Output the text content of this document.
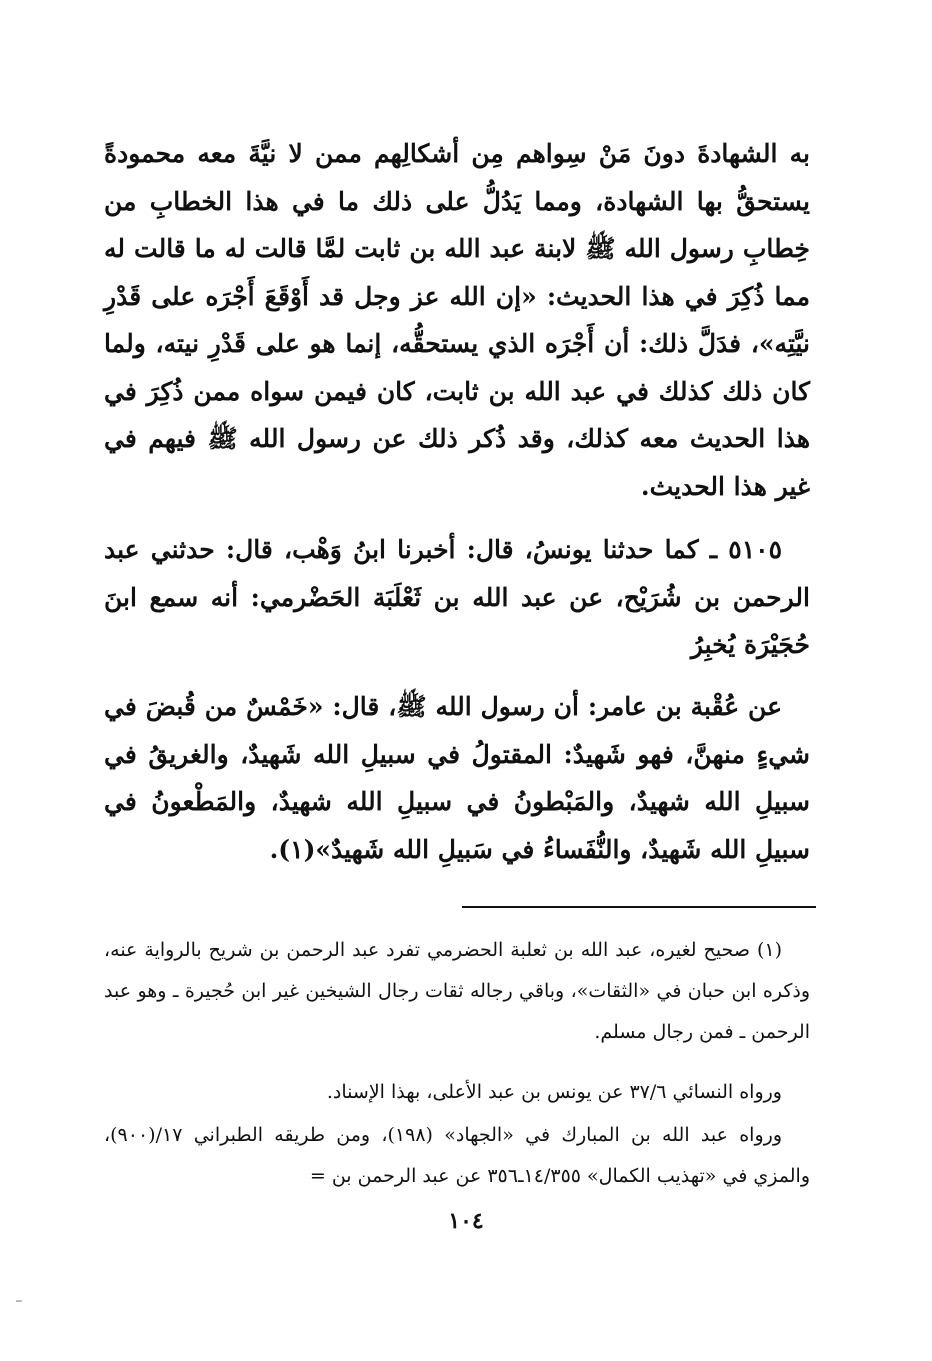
به الشهادةَ دونَ مَنْ سِواهم مِن أشكالِهم ممن لا نيَّةَ معه محمودةً يستحقُّ بها الشهادة، ومما يَدُلُّ على ذلك ما في هذا الخطابِ من خِطابِ رسول الله ﷺ لابنة عبد الله بن ثابت لمَّا قالت له ما قالت له مما ذُكِرَ في هذا الحديث: «إن الله عز وجل قد أَوْقَعَ أَجْرَه على قَدْرِ نيَّتِه»، فدَلَّ ذلك: أن أَجْرَه الذي يستحقُّه، إنما هو على قَدْرِ نيته، ولما كان ذلك كذلك في عبد الله بن ثابت، كان فيمن سواه ممن ذُكِرَ في هذا الحديث معه كذلك، وقد ذُكر ذلك عن رسول الله ﷺ فيهم في غير هذا الحديث.

٥١٠٥ ـ كما حدثنا يونسُ، قال: أخبرنا ابنُ وَهْب، قال: حدثني عبد الرحمن بن شُرَيْح، عن عبد الله بن ثَعْلَبَة الحَضْرمي: أنه سمع ابنَ حُجَيْرَة يُخبِرُ

عن عُقْبة بن عامر: أن رسول الله ﷺ، قال: «خَمْسٌ من قُبضَ في شيءٍ منهنَّ، فهو شَهيدٌ: المقتولُ في سبيلِ الله شَهيدٌ، والغريقُ في سبيلِ الله شهيدٌ، والمَبْطونُ في سبيلِ الله شهيدٌ، والمَطْعونُ في سبيلِ الله شَهيدٌ، والنُّفَساءُ في سَبيلِ الله شَهيدٌ»(١).

(١) صحيح لغيره، عبد الله بن ثعلبة الحضرمي تفرد عبد الرحمن بن شريح بالرواية عنه، وذكره ابن حبان في «الثقات»، وباقي رجاله ثقات رجال الشيخين غير ابن حُجيرة ـ وهو عبد الرحمن ـ فمن رجال مسلم.

ورواه النسائي ٣٧/٦ عن يونس بن عبد الأعلى، بهذا الإسناد.

ورواه عبد الله بن المبارك في «الجهاد» (١٩٨)، ومن طريقه الطبراني ١٧/(٩٠٠)، والمزي في «تهذيب الكمال» ١٤/٣٥٥ـ٣٥٦ عن عبد الرحمن بن =

١٠٤
